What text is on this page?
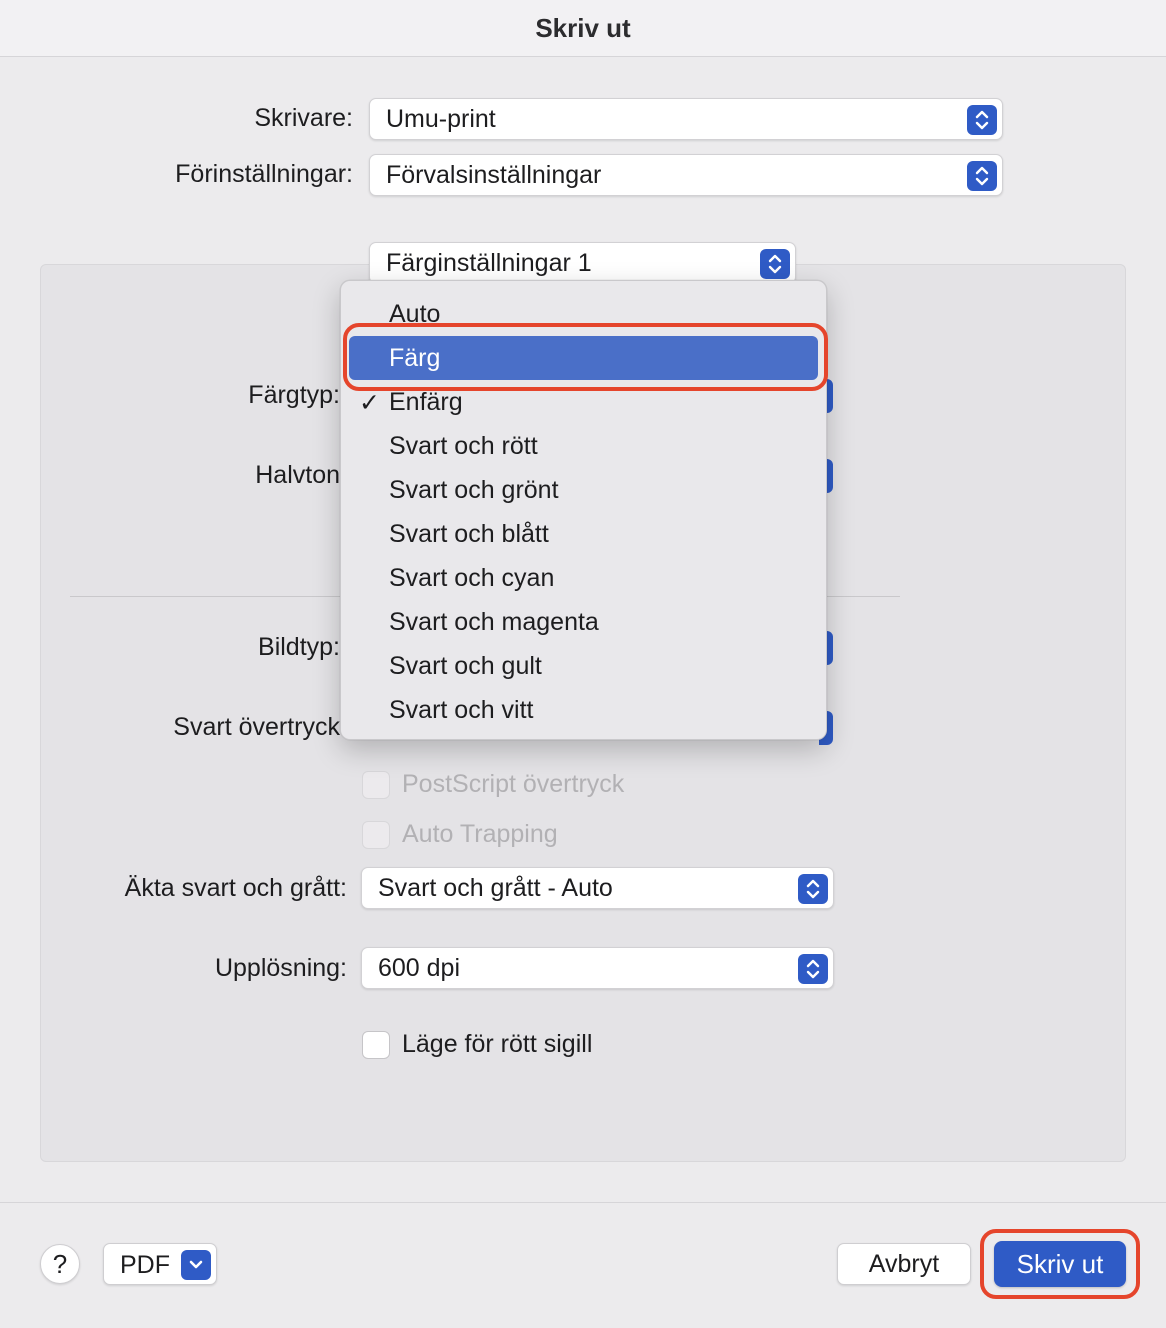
Skriv ut
Skrivare: Umu-print
Förinställningar: Förvalsinställningar
Färginställningar 1
Färgtyp:
Halvton
Bildtyp:
Svart övertryck
PostScript övertryck
Auto Trapping
Äkta svart och grått: Svart och grått - Auto
Upplösning: 600 dpi
Läge för rött sigill
Auto
Färg
✓ Enfärg
Svart och rött
Svart och grönt
Svart och blått
Svart och cyan
Svart och magenta
Svart och gult
Svart och vitt
? PDF	Avbryt	Skriv ut
